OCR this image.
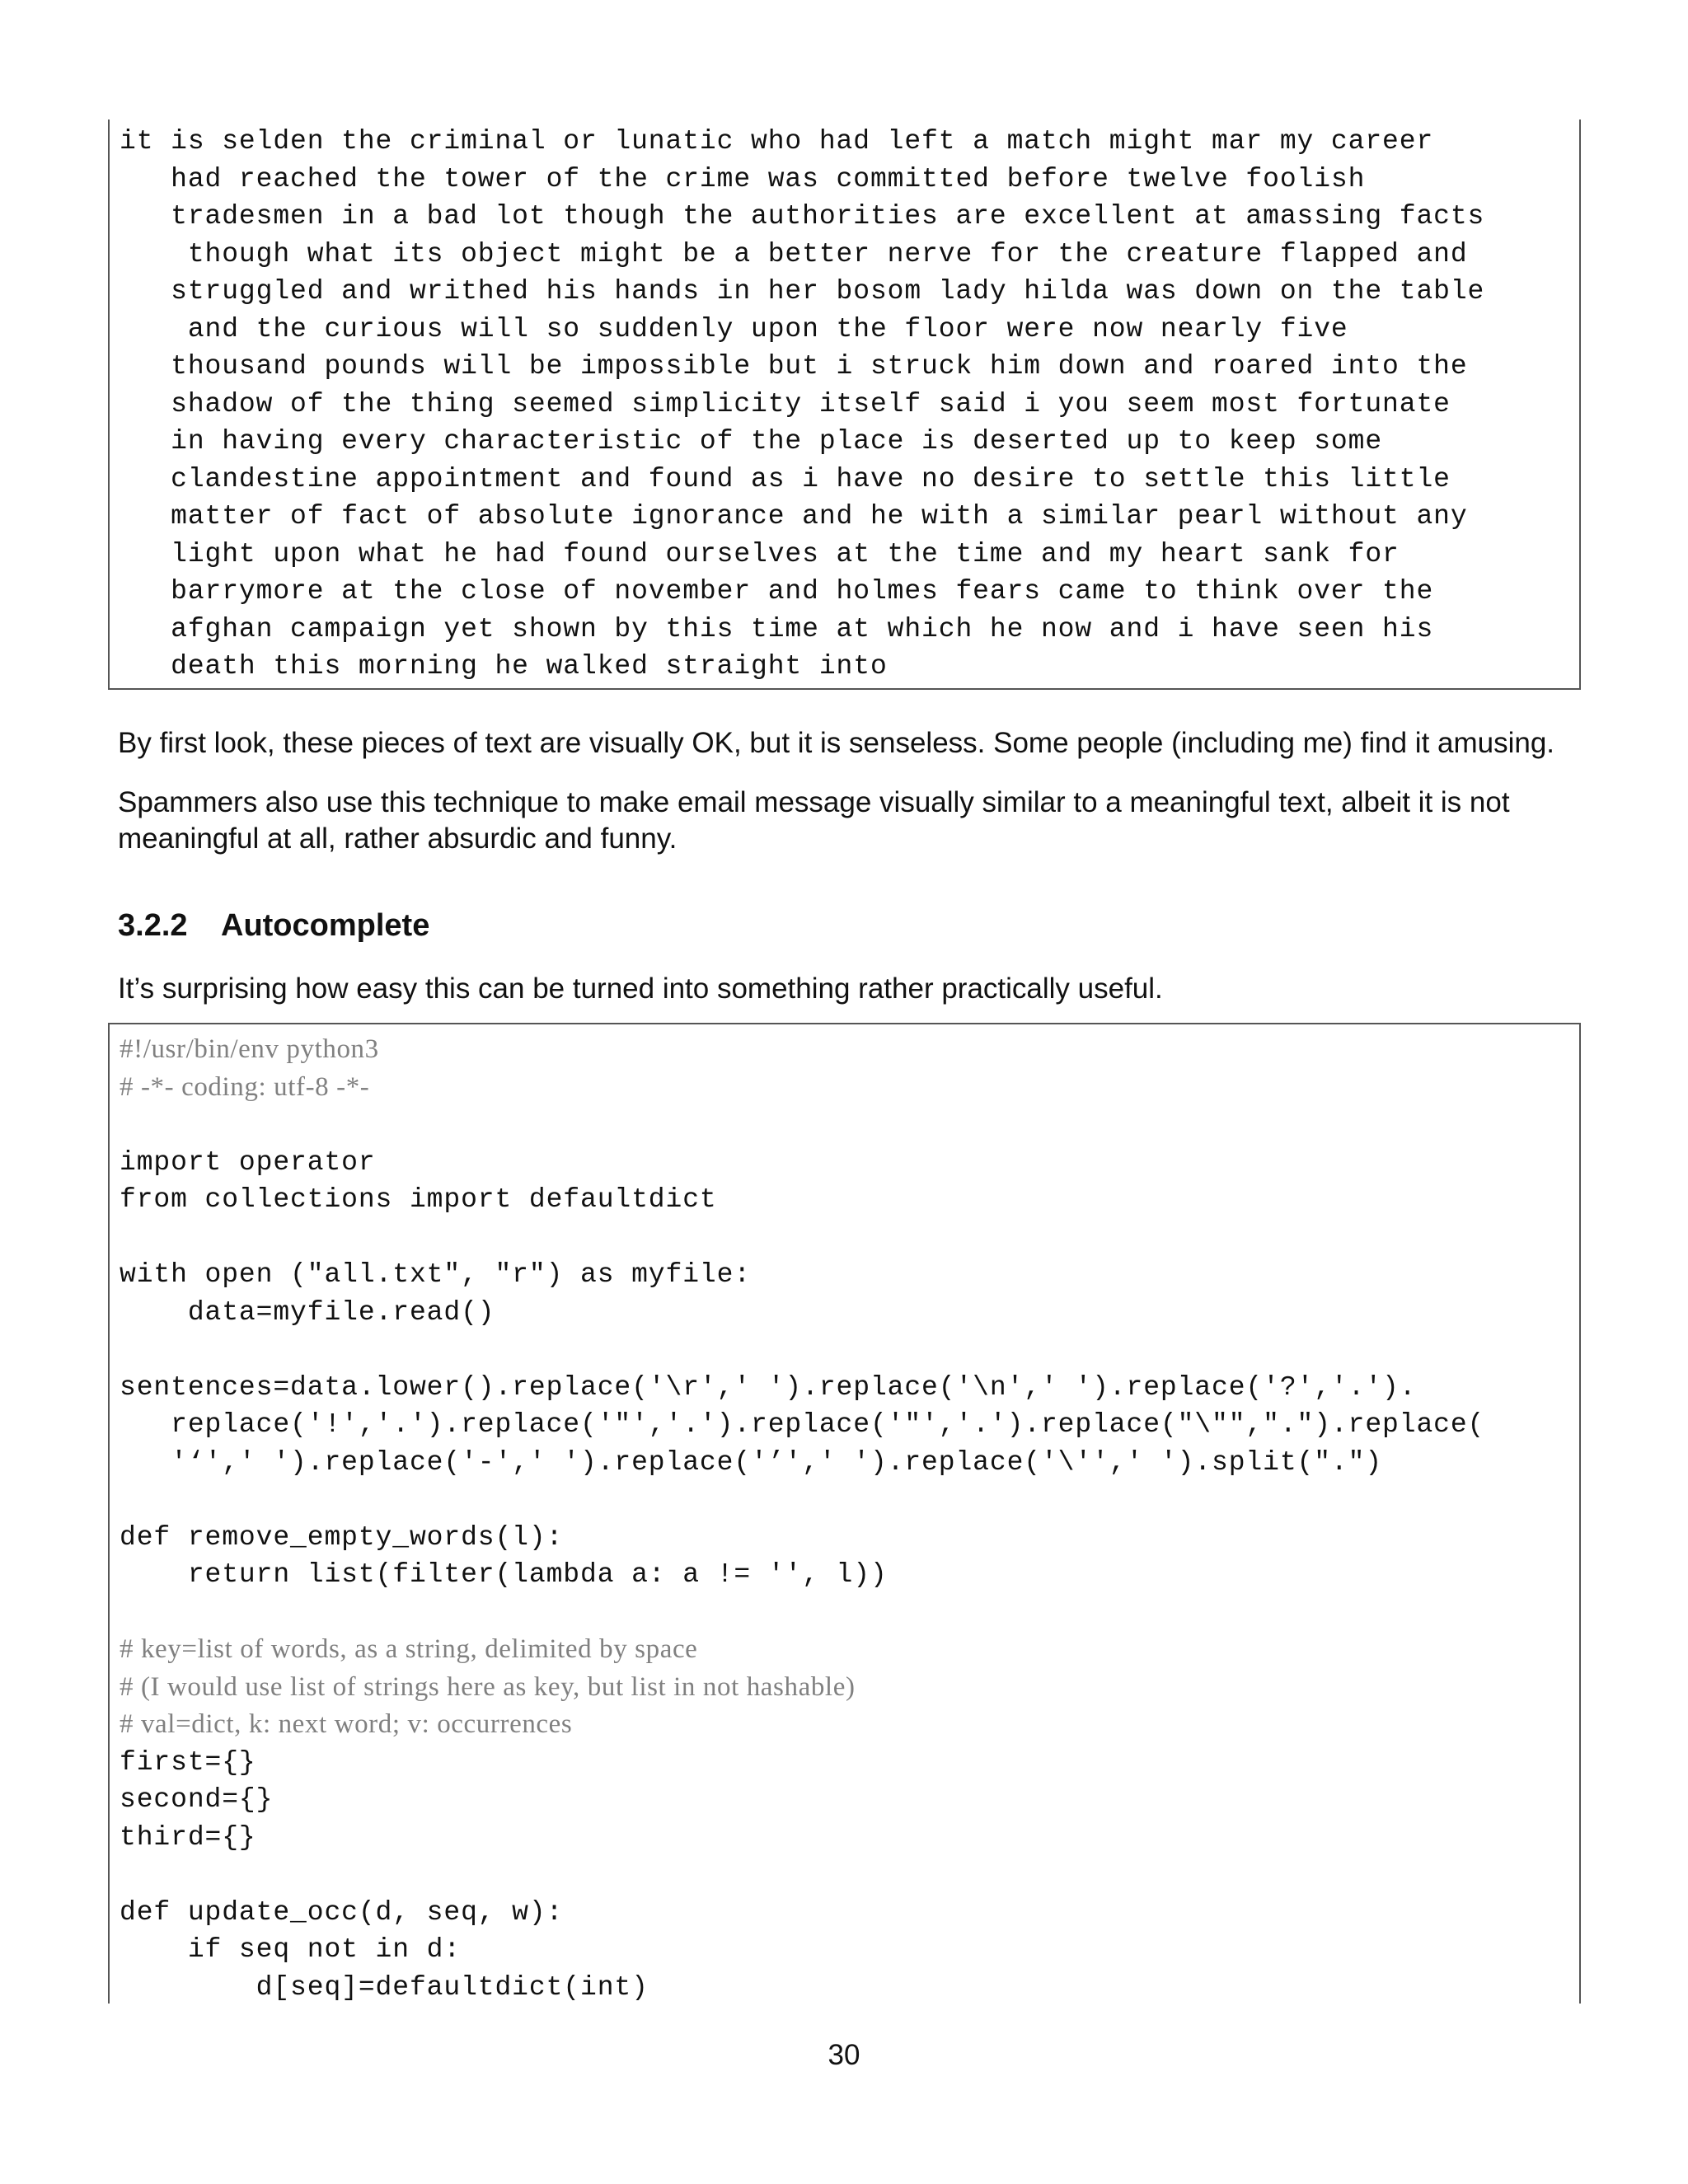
it is selden the criminal or lunatic who had left a match might mar my career
had reached the tower of the crime was committed before twelve foolish
tradesmen in a bad lot though the authorities are excellent at amassing facts
though what its object might be a better nerve for the creature flapped and
struggled and writhed his hands in her bosom lady hilda was down on the table
and the curious will so suddenly upon the floor were now nearly five
thousand pounds will be impossible but i struck him down and roared into the
shadow of the thing seemed simplicity itself said i you seem most fortunate
in having every characteristic of the place is deserted up to keep some
clandestine appointment and found as i have no desire to settle this little
matter of fact of absolute ignorance and he with a similar pearl without any
light upon what he had found ourselves at the time and my heart sank for
barrymore at the close of november and holmes fears came to think over the
afghan campaign yet shown by this time at which he now and i have seen his
death this morning he walked straight into
By first look, these pieces of text are visually OK, but it is senseless. Some people (including me) find it amusing.
Spammers also use this technique to make email message visually similar to a meaningful text, albeit it is not meaningful at all, rather absurdic and funny.
3.2.2 Autocomplete
It’s surprising how easy this can be turned into something rather practically useful.
#!/usr/bin/env python3
# -*- coding: utf-8 -*-
import operator
from collections import defaultdict
with open ("all.txt", "r") as myfile:
data=myfile.read()
sentences=data.lower().replace('\r',' ').replace('\n',' ').replace('?','.').
replace('!','.').replace('"','.').replace('"','.').replace("\"",".").replace(
'‘',' ').replace('-',' ').replace('’',' ').replace('\'',' ').split(".")
def remove_empty_words(l):
return list(filter(lambda a: a != '', l))
# key=list of words, as a string, delimited by space
# (I would use list of strings here as key, but list in not hashable)
# val=dict, k: next word; v: occurrences
first={}
second={}
third={}
def update_occ(d, seq, w):
if seq not in d:
d[seq]=defaultdict(int)
30
